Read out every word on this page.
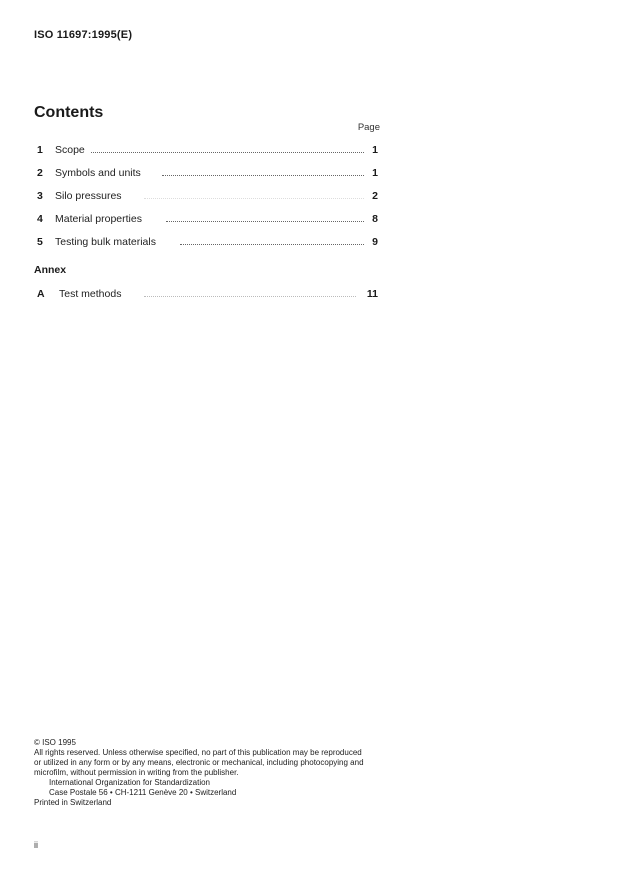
ISO 11697:1995(E)
Contents
Page
1 Scope	1
2 Symbols and units	1
3 Silo pressures	2
4 Material properties	8
5 Testing bulk materials	9
A Test methods	11
Annex
© ISO 1995
All rights reserved. Unless otherwise specified, no part of this publication may be reproduced
or utilized in any form or by any means, electronic or mechanical, including photocopying and
microfilm, without permission in writing from the publisher.
International Organization for Standardization
Case Postale 56 • CH-1211 Genève 20 • Switzerland
Printed in Switzerland
ii
